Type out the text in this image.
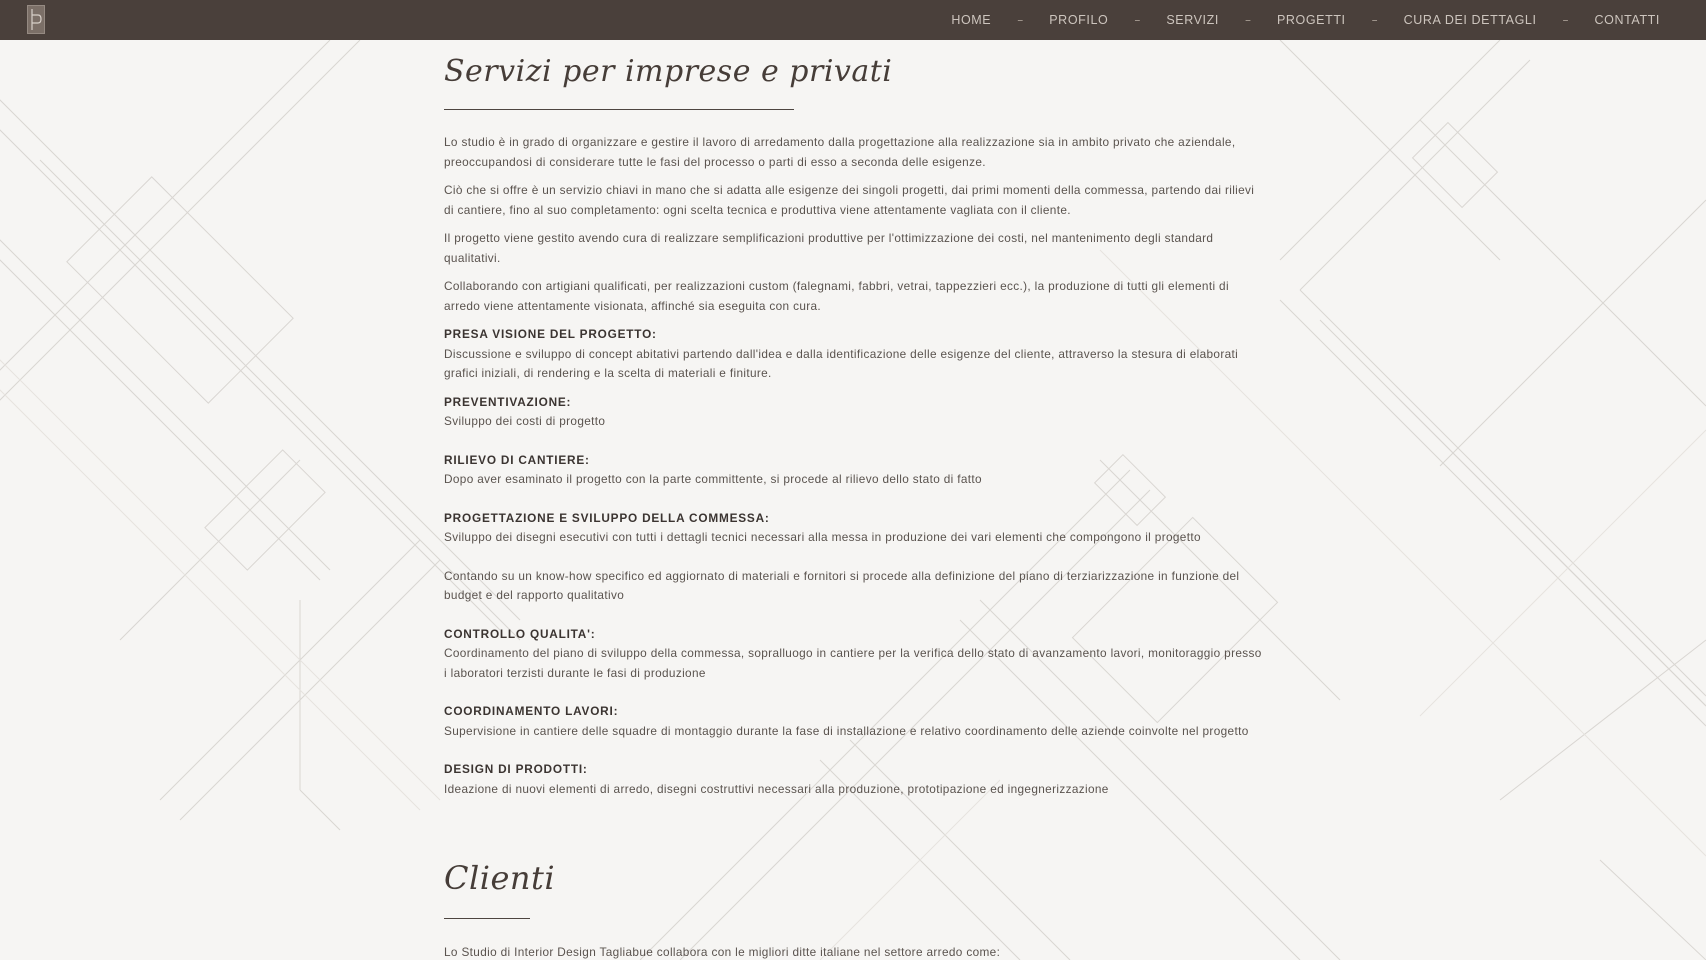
HOME – PROFILO – SERVIZI – PROGETTI – CURA DEI DETTAGLI – CONTATTI
Servizi per imprese e privati

Lo studio è in grado di organizzare e gestire il lavoro di arredamento dalla progettazione alla realizzazione sia in ambito privato che aziendale, preoccupandosi di considerare tutte le fasi del processo o parti di esso a seconda delle esigenze.

Ciò che si offre è un servizio chiavi in mano che si adatta alle esigenze dei singoli progetti, dai primi momenti della commessa, partendo dai rilievi di cantiere, fino al suo completamento: ogni scelta tecnica e produttiva viene attentamente vagliata con il cliente.

Il progetto viene gestito avendo cura di realizzare semplificazioni produttive per l'ottimizzazione dei costi, nel mantenimento degli standard qualitativi.

Collaborando con artigiani qualificati, per realizzazioni custom (falegnami, fabbri, vetrai, tappezzieri ecc.), la produzione di tutti gli elementi di arredo viene attentamente visionata, affinché sia eseguita con cura.

PRESA VISIONE DEL PROGETTO:

Discussione e sviluppo di concept abitativi partendo dall'idea e dalla identificazione delle esigenze del cliente, attraverso la stesura di elaborati grafici iniziali, di rendering e la scelta di materiali e finiture.

PREVENTIVAZIONE:

Sviluppo dei costi di progetto

RILIEVO DI CANTIERE:

Dopo aver esaminato il progetto con la parte committente, si procede al rilievo dello stato di fatto

PROGETTAZIONE E SVILUPPO DELLA COMMESSA:

Sviluppo dei disegni esecutivi con tutti i dettagli tecnici necessari alla messa in produzione dei vari elementi che compongono il progetto

Contando su un know-how specifico ed aggiornato di materiali e fornitori si procede alla definizione del piano di terziarizzazione in funzione del budget e del rapporto qualitativo

CONTROLLO QUALITA':

Coordinamento del piano di sviluppo della commessa, sopralluogo in cantiere per la verifica dello stato di avanzamento lavori, monitoraggio presso i laboratori terzisti durante le fasi di produzione

COORDINAMENTO LAVORI:

Supervisione in cantiere delle squadre di montaggio durante la fase di installazione e relativo coordinamento delle aziende coinvolte nel progetto

DESIGN DI PRODOTTI:

Ideazione di nuovi elementi di arredo, disegni costruttivi necessari alla produzione, prototipazione ed ingegnerizzazione

Clienti

Lo Studio di Interior Design Tagliabue collabora con le migliori ditte italiane nel settore arredo come:
